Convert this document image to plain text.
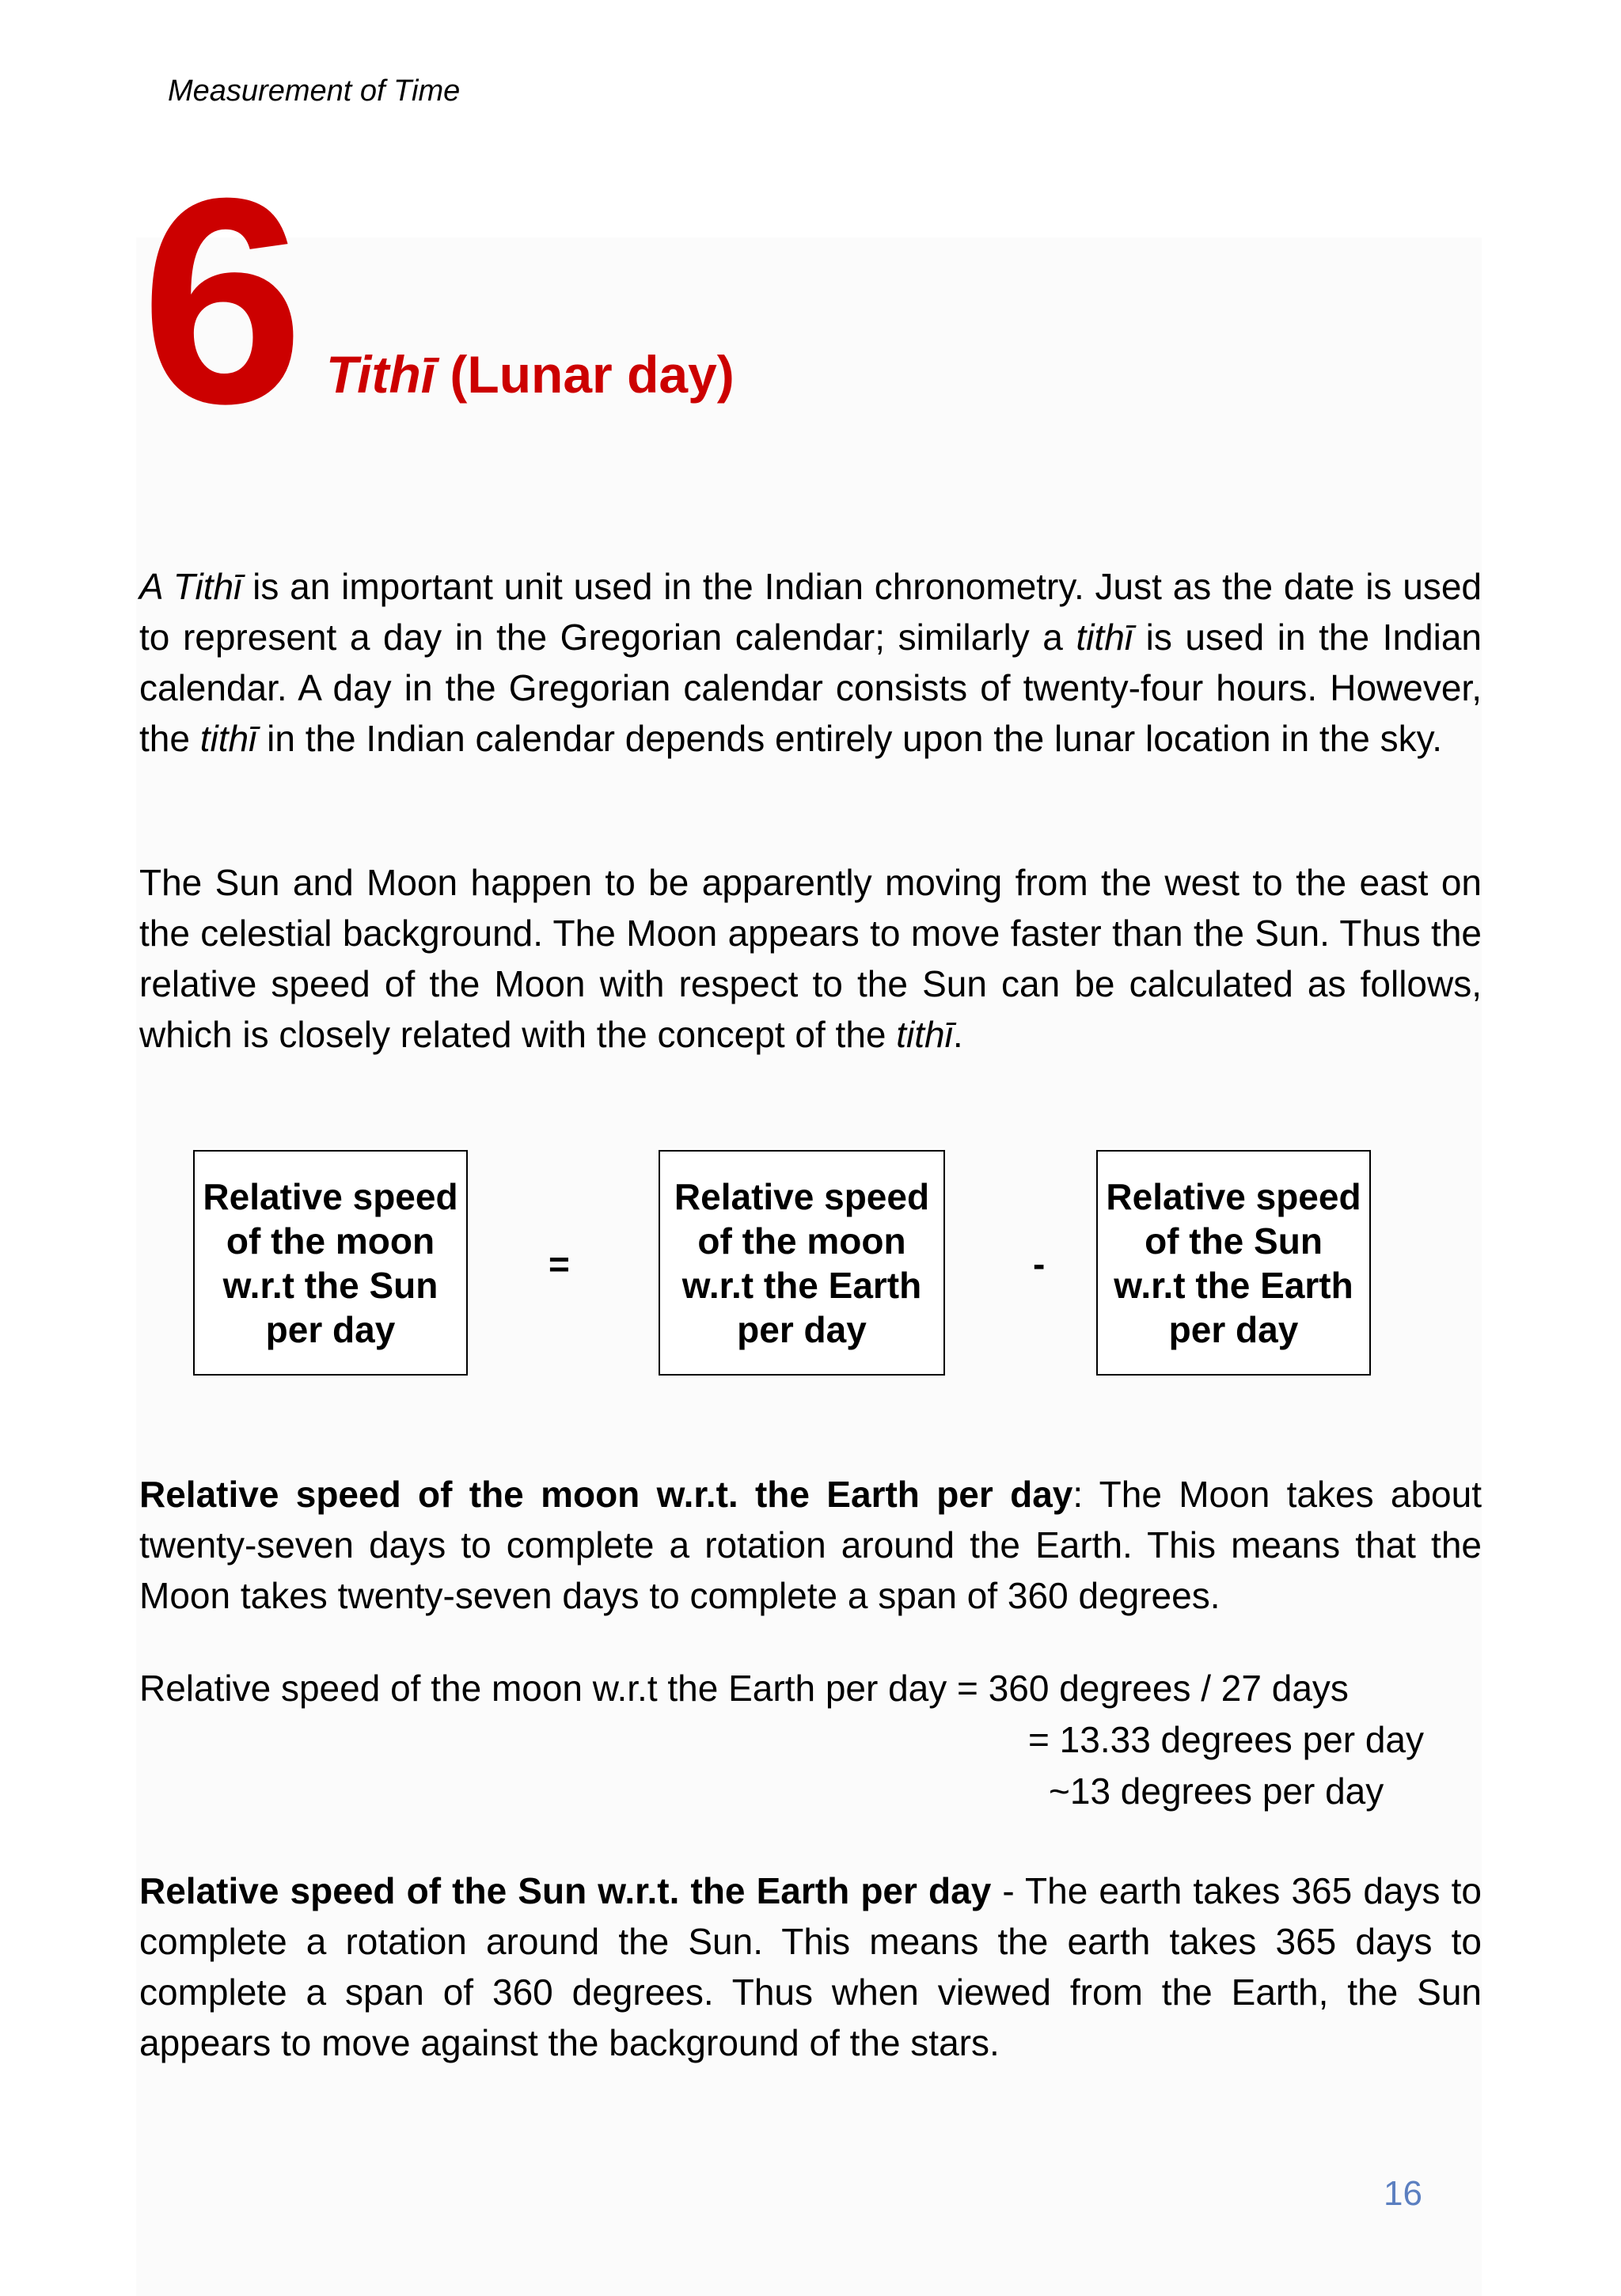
Measurement of Time
6 Tithī (Lunar day)

A Tithī is an important unit used in the Indian chronometry. Just as the date is used to represent a day in the Gregorian calendar; similarly a tithī is used in the Indian calendar. A day in the Gregorian calendar consists of twenty-four hours. However, the tithī in the Indian calendar depends entirely upon the lunar location in the sky.

The Sun and Moon happen to be apparently moving from the west to the east on the celestial background. The Moon appears to move faster than the Sun. Thus the relative speed of the Moon with respect to the Sun can be calculated as follows, which is closely related with the concept of the tithī.

Relative speed of the moon w.r.t the Sun per day
=
Relative speed of the moon w.r.t the Earth per day
-
Relative speed of the Sun w.r.t the Earth per day

Relative speed of the moon w.r.t. the Earth per day: The Moon takes about twenty-seven days to complete a rotation around the Earth. This means that the Moon takes twenty-seven days to complete a span of 360 degrees.

Relative speed of the moon w.r.t the Earth per day = 360 degrees / 27 days
= 13.33 degrees per day
~13 degrees per day

Relative speed of the Sun w.r.t. the Earth per day - The earth takes 365 days to complete a rotation around the Sun. This means the earth takes 365 days to complete a span of 360 degrees. Thus when viewed from the Earth, the Sun appears to move against the background of the stars.

16
